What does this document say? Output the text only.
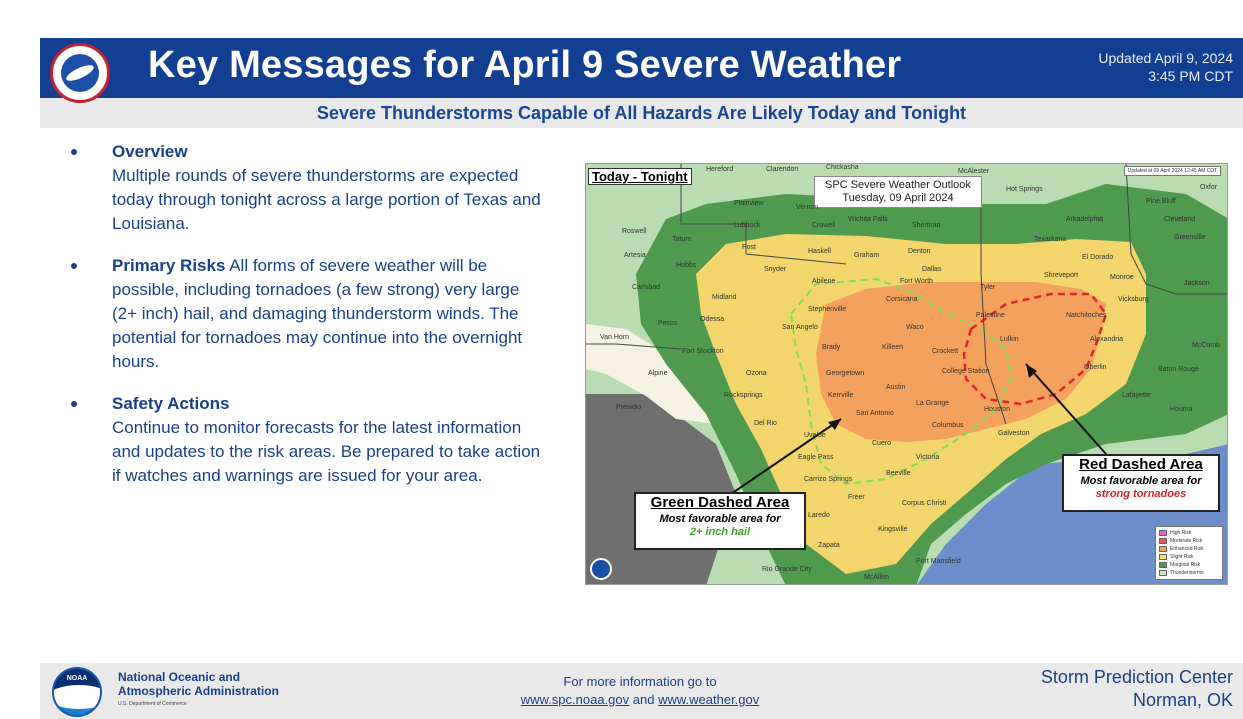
Key Messages for April 9 Severe Weather	Updated April 9, 2024
3:45 PM CDT
Severe Thunderstorms Capable of All Hazards Are Likely Today and Tonight
Overview
Multiple rounds of severe thunderstorms are expected today through tonight across a large portion of Texas and Louisiana.
Primary Risks All forms of severe weather will be possible, including tornadoes (a few strong) very large (2+ inch) hail, and damaging thunderstorm winds. The potential for tornadoes may continue into the overnight hours.
Safety Actions
Continue to monitor forecasts for the latest information and updates to the risk areas. Be prepared to take action if watches and warnings are issued for your area.
Today - Tonight
SPC Severe Weather Outlook
Tuesday, 09 April 2024
Updated at 09 April 2024 12:45 AM CDT
Hereford	Clarendon	Chickasha
McAlester
Hot Springs
Pine Bluff
Oxfor
Plainview
Vernon
Wichita Falls
Sherman
Roswell
Tatum
Lubbock	Crowell
Arkadelphia	Cleveland
Greenville
Artesia
Hobbs
Post
Haskell
Graham
Denton
Texarkana
El Dorado
Snyder	Dallas
Carlsbad
Abilene	Fort Worth
Tyler
Shreveport	Monroe
Midland
Stephenville
Corsicana	Vicksburg
Jackson
Pecos
Odessa
San Angelo	Waco
Palestine	Natchitoches
Van Horn
Brady	Killeen
Crockett
Lufkin	Alexandria
McComb
Fort Stockton
Georgetown	College Station
Oberlin	Baton Rouge
Alpine	Ozona
Austin
Presidio
Rocksprings	Kerrville
La Grange
Houston
Lafayette
Houma
San Antonio
Columbus
Del Rio
Uvalde	Galveston
Cuero
Eagle Pass	Victoria
Carrizo Springs
Beeville
Freer
Corpus Christi
Laredo
Kingsville
Zapata
Port Mansfield
Rio Grande City
McAllen
Green Dashed Area
Most favorable area for
2+ inch hail
Red Dashed Area
Most favorable area for
strong tornadoes
High Risk
Moderate Risk
Enhanced Risk
Slight Risk
Marginal Risk
Thunderstorms
NOAA	National Oceanic and
Atmospheric Administration
U.S. Department of Commerce
For more information go to
www.spc.noaa.gov and www.weather.gov
Storm Prediction Center
Norman, OK
